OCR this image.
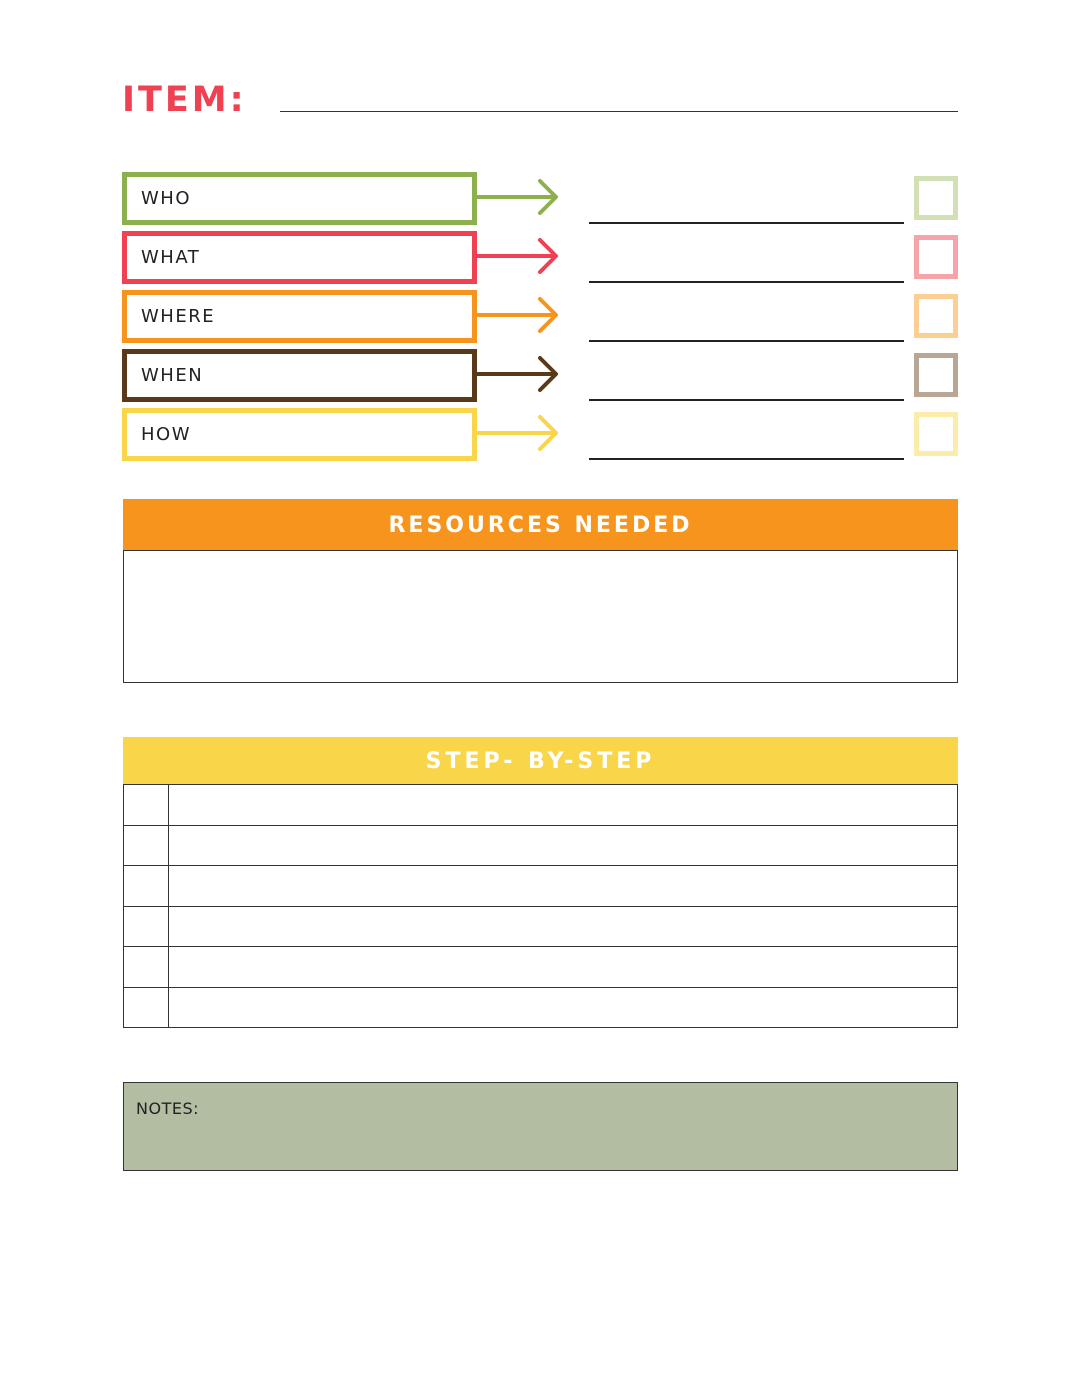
ITEM:
WHO
WHAT
WHERE
WHEN
HOW
RESOURCES NEEDED
STEP- BY-STEP
NOTES:
